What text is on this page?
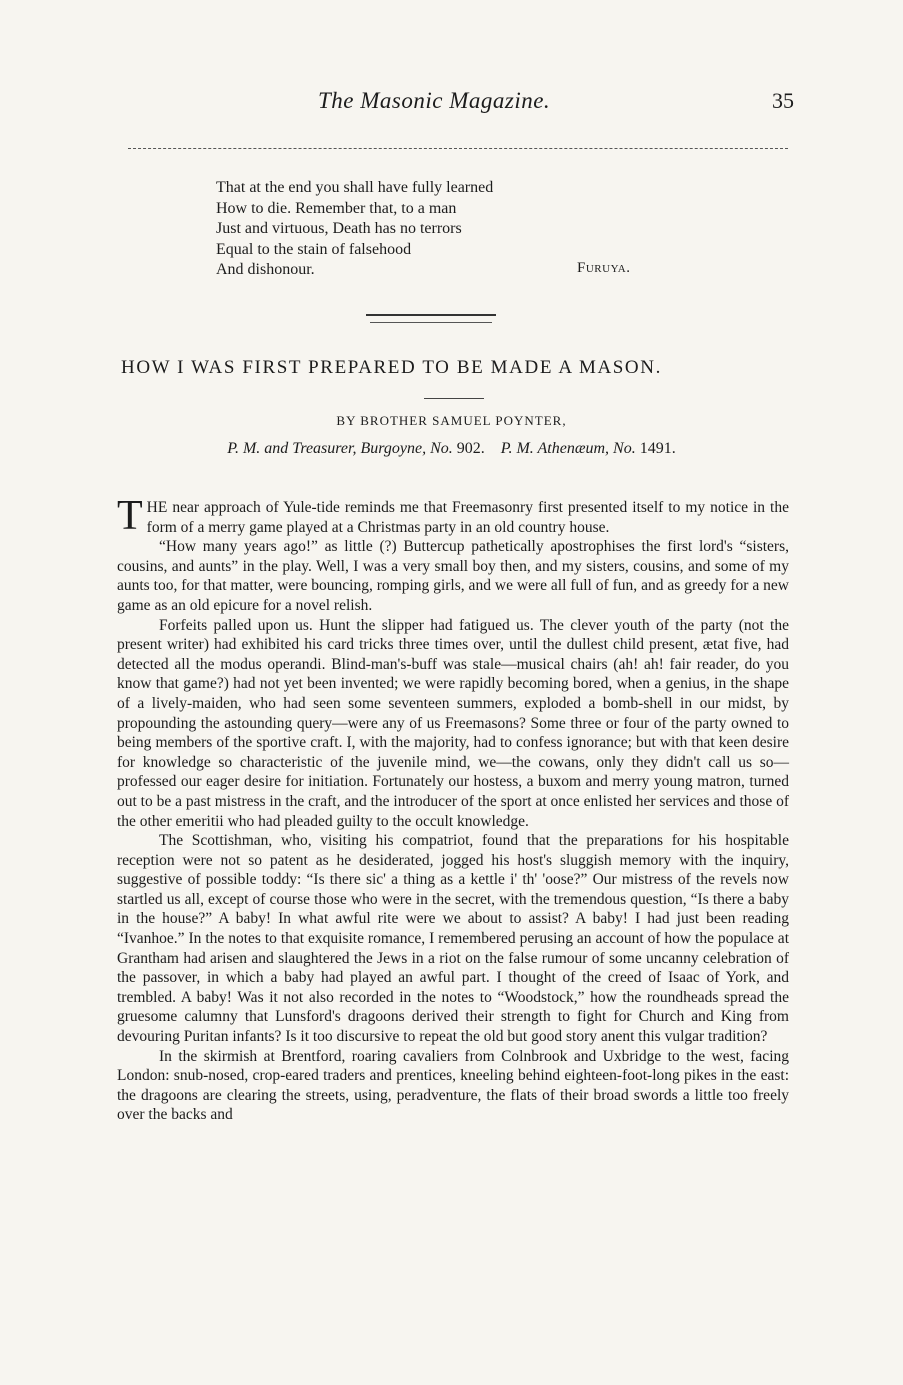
The Masonic Magazine.	35
That at the end you shall have fully learned
How to die. Remember that, to a man
Just and virtuous, Death has no terrors
Equal to the stain of falsehood
And dishonour.	Furuya.
HOW I WAS FIRST PREPARED TO BE MADE A MASON.
BY BROTHER SAMUEL POYNTER,
P. M. and Treasurer, Burgoyne, No. 902. P. M. Athenæum, No. 1491.

THE near approach of Yule-tide reminds me that Freemasonry first presented itself to my notice in the form of a merry game played at a Christmas party in an old country house.

“How many years ago!” as little (?) Buttercup pathetically apostrophises the first lord's “sisters, cousins, and aunts” in the play. Well, I was a very small boy then, and my sisters, cousins, and some of my aunts too, for that matter, were bouncing, romping girls, and we were all full of fun, and as greedy for a new game as an old epicure for a novel relish.

Forfeits palled upon us. Hunt the slipper had fatigued us. The clever youth of the party (not the present writer) had exhibited his card tricks three times over, until the dullest child present, ætat five, had detected all the modus operandi. Blind-man's-buff was stale—musical chairs (ah! ah! fair reader, do you know that game?) had not yet been invented; we were rapidly becoming bored, when a genius, in the shape of a lively-maiden, who had seen some seventeen summers, exploded a bomb-shell in our midst, by propounding the astounding query—were any of us Freemasons? Some three or four of the party owned to being members of the sportive craft. I, with the majority, had to confess ignorance; but with that keen desire for knowledge so characteristic of the juvenile mind, we—the cowans, only they didn't call us so—professed our eager desire for initiation. Fortunately our hostess, a buxom and merry young matron, turned out to be a past mistress in the craft, and the introducer of the sport at once enlisted her services and those of the other emeritii who had pleaded guilty to the occult knowledge.

The Scottishman, who, visiting his compatriot, found that the preparations for his hospitable reception were not so patent as he desiderated, jogged his host's sluggish memory with the inquiry, suggestive of possible toddy: “Is there sic' a thing as a kettle i' th' 'oose?” Our mistress of the revels now startled us all, except of course those who were in the secret, with the tremendous question, “Is there a baby in the house?” A baby! In what awful rite were we about to assist? A baby! I had just been reading “Ivanhoe.” In the notes to that exquisite romance, I remembered perusing an account of how the populace at Grantham had arisen and slaughtered the Jews in a riot on the false rumour of some uncanny celebration of the passover, in which a baby had played an awful part. I thought of the creed of Isaac of York, and trembled. A baby! Was it not also recorded in the notes to “Woodstock,” how the roundheads spread the gruesome calumny that Lunsford's dragoons derived their strength to fight for Church and King from devouring Puritan infants? Is it too discursive to repeat the old but good story anent this vulgar tradition?

In the skirmish at Brentford, roaring cavaliers from Colnbrook and Uxbridge to the west, facing London: snub-nosed, crop-eared traders and prentices, kneeling behind eighteen-foot-long pikes in the east: the dragoons are clearing the streets, using, peradventure, the flats of their broad swords a little too freely over the backs and
